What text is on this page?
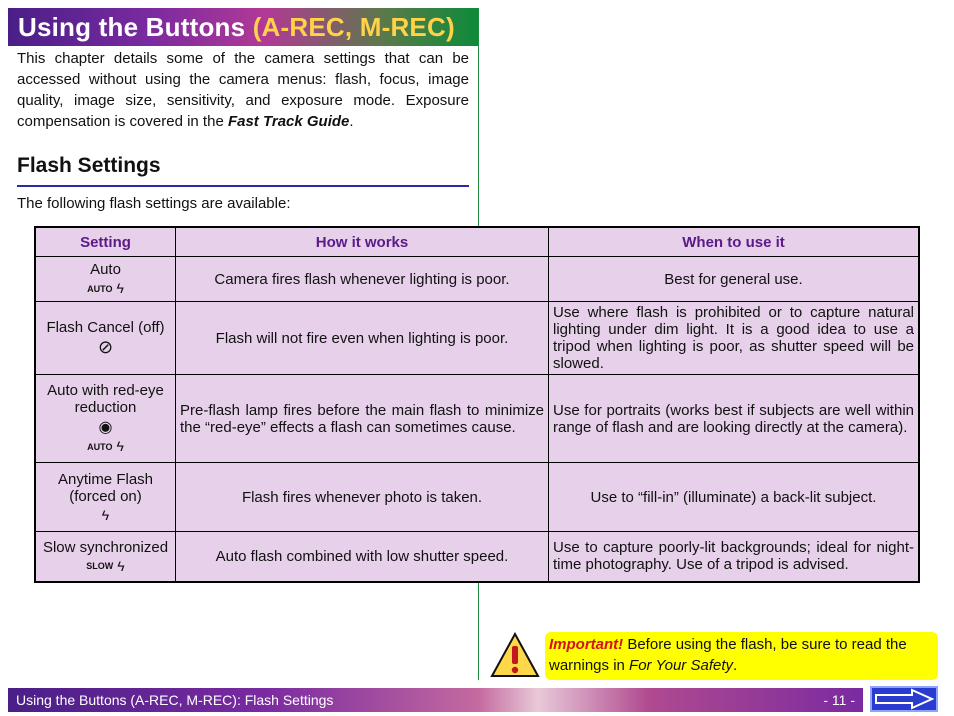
Using the Buttons (A-REC, M-REC)

This chapter details some of the camera settings that can be accessed without using the camera menus: flash, focus, image quality, image size, sensitivity, and exposure mode. Exposure compensation is covered in the Fast Track Guide.

Flash Settings

The following flash settings are available:

Setting	How it works	When to use it
Auto
AUTO ϟ	Camera fires flash whenever lighting is poor.	Best for general use.
Flash Cancel (off)
⊘	Flash will not fire even when lighting is poor.	Use where flash is prohibited or to capture natural lighting under dim light. It is a good idea to use a tripod when lighting is poor, as shutter speed will be slowed.
Auto with red-eye reduction
◉
AUTO ϟ	Pre-flash lamp fires before the main flash to minimize the “red-eye” effects a flash can sometimes cause.	Use for portraits (works best if subjects are well within range of flash and are looking directly at the camera).
Anytime Flash (forced on)
ϟ	Flash fires whenever photo is taken.	Use to “fill-in” (illuminate) a back-lit subject.
Slow synchronized
SLOW ϟ	Auto flash combined with low shutter speed.	Use to capture poorly-lit backgrounds; ideal for night-time photography. Use of a tripod is advised.
Important! Before using the flash, be sure to read the warnings in For Your Safety.
Using the Buttons (A-REC, M-REC): Flash Settings	- 11 -
